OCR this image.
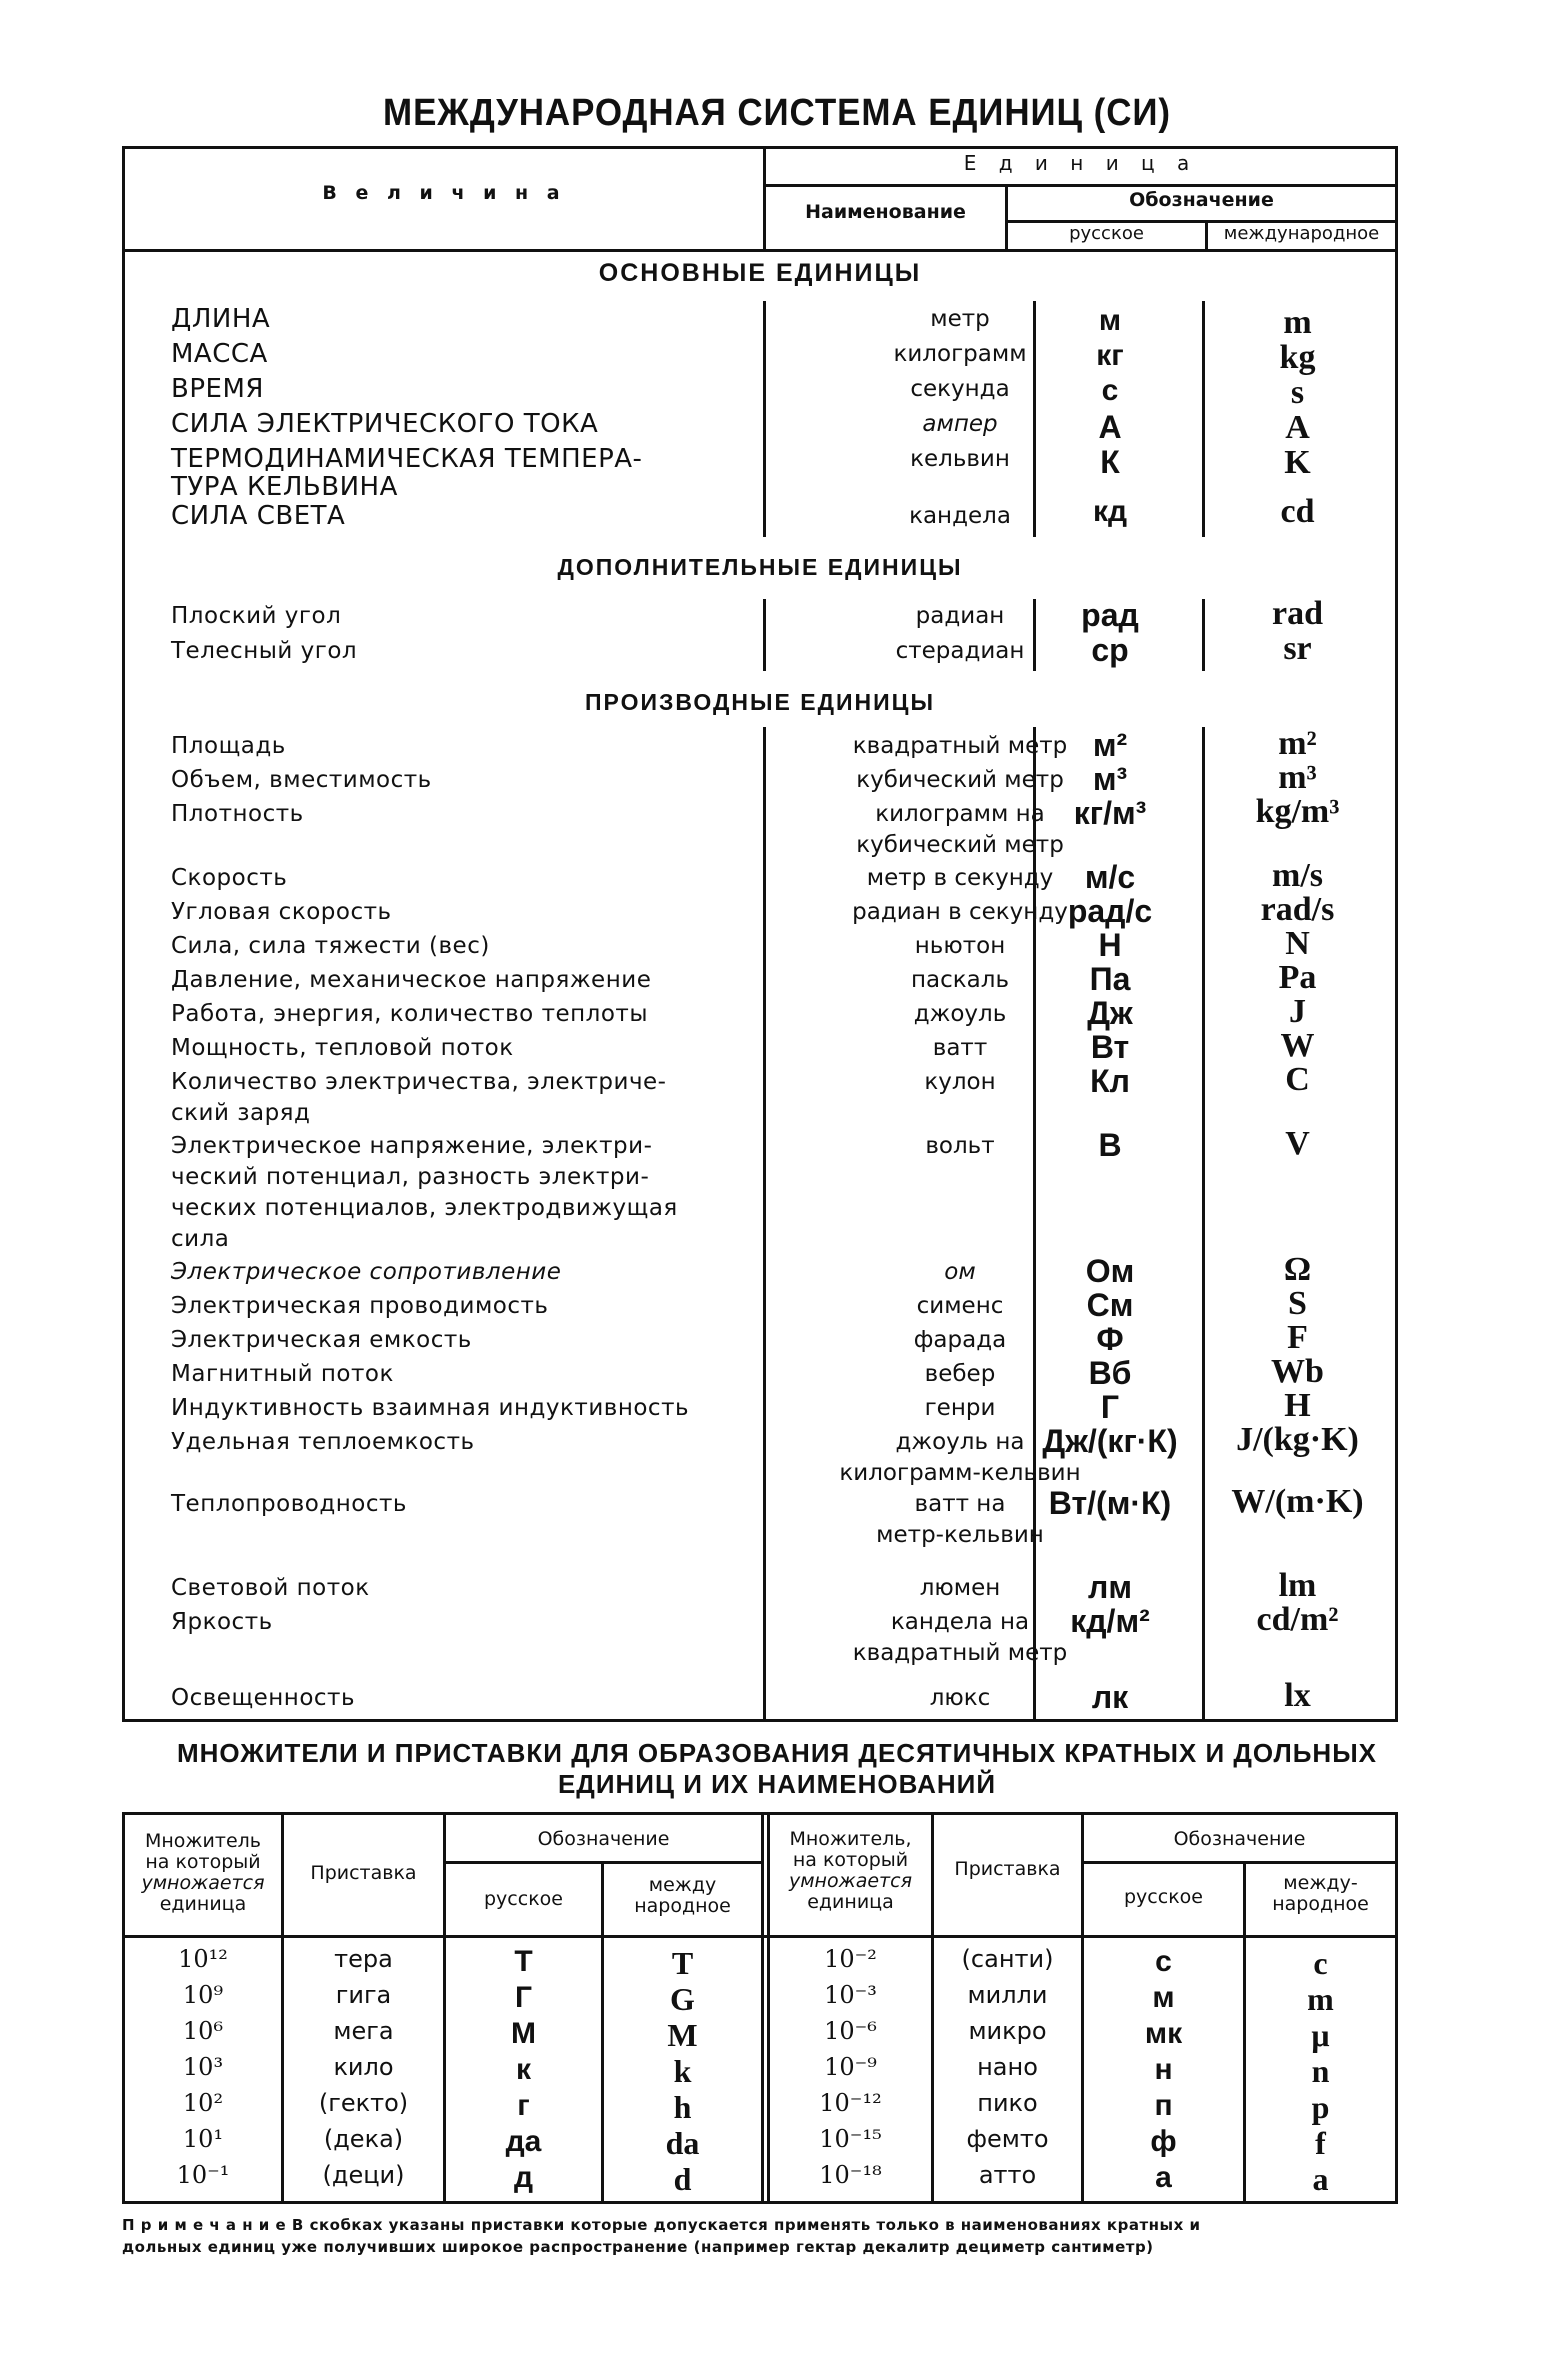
МЕЖДУНАРОДНАЯ СИСТЕМА ЕДИНИЦ (СИ)
В е л и ч и н а
Е д и н и ц а
Наименование
Обозначение
русское	международное
ОСНОВНЫЕ ЕДИНИЦЫ
ДЛИНА	метр	м	m
МАССА	килограмм	кг	kg
ВРЕМЯ	секунда	с	s
СИЛА ЭЛЕКТРИЧЕСКОГО ТОКА	ампер	А	A
ТЕРМОДИНАМИЧЕСКАЯ ТЕМПЕРА-
ТУРА КЕЛЬВИНА
кельвин	К	K
СИЛА СВЕТА	кандела	кд	cd
ДОПОЛНИТЕЛЬНЫЕ ЕДИНИЦЫ
Плоский угол	радиан	рад	rad
Телесный угол	стерадиан	ср	sr
ПРОИЗВОДНЫЕ ЕДИНИЦЫ
Площадь	квадратный метр м²	m²
Объем, вместимость	кубический метр м³	m³
Плотность	килограмм на
кубический метр
кг/м³	kg/m³
Скорость	метр в секунду м/с	m/s
Угловая скорость	радиан в секунду рад/с	rad/s
Сила, сила тяжести (вес)	ньютон	Н	N
Давление, механическое напряжение	паскаль	Па	Pa
Работа, энергия, количество теплоты	джоуль	Дж	J
Мощность, тепловой поток	ватт	Вт	W
Количество электричества, электриче-
ский заряд
кулон	Кл	C
Электрическое напряжение, электри-
ческий потенциал, разность электри-
ческих потенциалов, электродвижущая
сила
вольт	В	V
Электрическое сопротивление	ом	Ом	Ω
Электрическая проводимость	сименс	См	S
Электрическая емкость	фарада	Ф	F
Магнитный поток	вебер	Вб	Wb
Индуктивность взаимная индуктивность	генри	Г	H
Удельная теплоемкость	джоуль на
килограмм-кельвин
Дж/(кг·К)	J/(kg·K)
Теплопроводность	ватт на
метр-кельвин
Вт/(м·К)	W/(m·K)
Световой поток	люмен	лм	lm
Яркость	кандела на
квадратный метр
кд/м²	cd/m²
Освещенность	люкс	лк	lx
МНОЖИТЕЛИ И ПРИСТАВКИ ДЛЯ ОБРАЗОВАНИЯ ДЕСЯТИЧНЫХ КРАТНЫХ И ДОЛЬНЫХ
ЕДИНИЦ И ИХ НАИМЕНОВАНИЙ
Множитель
на который
умножается
единица
Приставка
Обозначение
русское
между
народное
Множитель,
на который
умножается
единица
Приставка
Обозначение
русское
между-
народное
10¹²	тера	Т	T
10⁹	гига	Г	G
10⁶	мега	М	M
10³	кило	к	k
10²	(гекто)	г	h
10¹	(дека)	да	da
10⁻¹	(деци)	д	d
10⁻²	(санти)	с	c
10⁻³	милли	м	m
10⁻⁶	микро	мк	μ
10⁻⁹	нано	н	n
10⁻¹²	пико	п	p
10⁻¹⁵	фемто	ф	f
10⁻¹⁸	атто	а	a
П р и м е ч а н и е В скобках указаны приставки которые допускается применять только в наименованиях кратных и
дольных единиц уже получивших широкое распространение (например гектар декалитр дециметр сантиметр)
